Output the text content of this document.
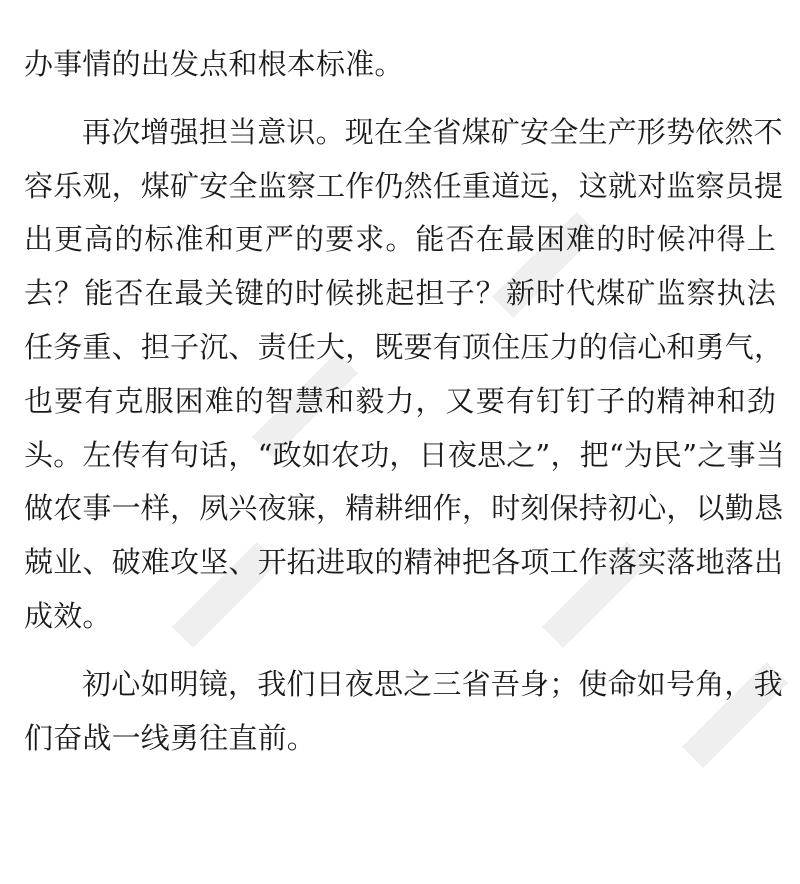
办事情的出发点和根本标准。
再次增强担当意识。现在全省煤矿安全生产形势依然不
容乐观，煤矿安全监察工作仍然任重道远，这就对监察员提
出更高的标准和更严的要求。能否在最困难的时候冲得上
去？能否在最关键的时候挑起担子？新时代煤矿监察执法
任务重、担子沉、责任大，既要有顶住压力的信心和勇气，
也要有克服困难的智慧和毅力，又要有钉钉子的精神和劲
头。左传有句话，“政如农功，日夜思之”，把“为民”之事当
做农事一样，夙兴夜寐，精耕细作，时刻保持初心，以勤恳
兢业、破难攻坚、开拓进取的精神把各项工作落实落地落出
成效。
初心如明镜，我们日夜思之三省吾身；使命如号角，我
们奋战一线勇往直前。
